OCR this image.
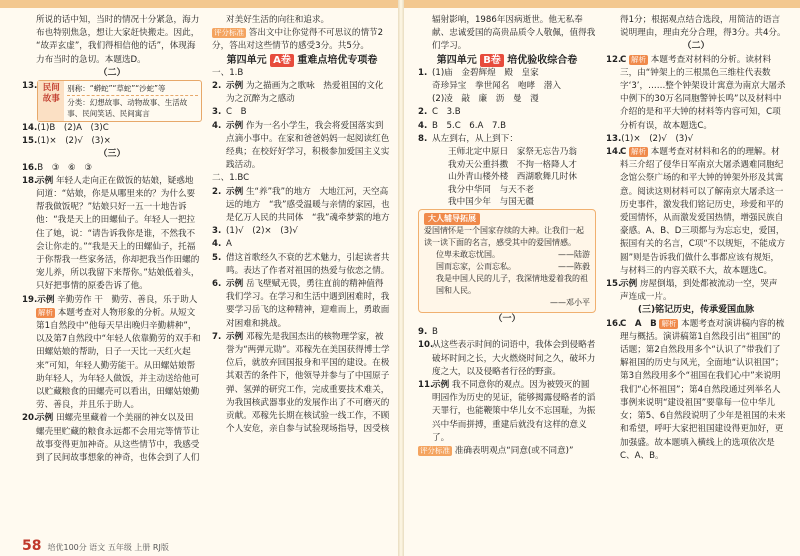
所说的话中知，当时的情况十分紧急，海力布也特别焦急，想让大家赶快搬走。因此，

“故弄玄虚”，我们得相信他的话”，体现海力布当时的急切。本题选D。

（二）

13. 民间故事
别称：“蟒蛇”“草蛇”“沙蛇”等
分类：幻想故事、动物故事、生活故事、民间笑话、民间寓言
14. (1)B　(2)A　(3)C
15. (1)×　(2)√　(3)×

（三）

16. B　③　⑥　③
18.
示例 年轻人走向正在做饭的姑娘，疑惑地问道：“姑娘，你是从哪里来的？为什么要帮我做饭呢？”姑娘只好一五一十地告诉他：“我是天上的田螺仙子。年轻人一把拉住了她，说：“请告诉我你是谁，不然我不会让你走的。”“我是天上的田螺仙子，托福于你帮我一些家务活，你却把我当作田螺的宠儿养，所以我留下来帮你。”姑娘低着头，只好把事情的原委告诉了他。
19. 示例 辛勤劳作 干　勤劳、善良，乐于助人

解析 本题考查对人物形象的分析。从短文第1自然段中“他每天早出晚归辛勤耕种”，以及第7自然段中“年轻人依靠勤劳的双手和田螺姑娘的帮助，日子一天比一天红火起来”可知，年轻人勤劳能干。从田螺姑娘帮助年轻人，为年轻人做饭，并主动送给他可以贮藏粮食的田螺壳可以看出，田螺姑娘勤劳、善良，并且乐于助人。

20.
示例 田螺壳里藏着一个美丽的神女以及田螺壳里贮藏的粮食永远都不会用完等情节让故事变得更加神奇。从这些情节中，我感受到了民间故事想象的神奇，也体会到了人们

对美好生活的向往和追求。

评分标准 答出文中让你觉得不可思议的情节2分，答出对这些情节的感受3分。共5分。

第四单元 A卷 重难点培优专项卷

一、1.B

2. 示例 为之描画为之歌咏　热爱祖国的文化为之沉醉为之感动
3. C　B
4. 示例 作为一名小学生，我会将爱国落实到点滴小事中。在家和爸爸妈妈一起阅读红色经典；在校好好学习，积极参加爱国主义实践活动。

二、1.BC

2. 示例 生“养”我”的地方　大地江河，天空高远的地方　“我”感受温暖与亲情的家园，也是亿万人民的共同体　“我”魂牵梦萦的地方
3. (1)√　(2)×　(3)√
4. A
5. 借这首歌经久不衰的艺术魅力，引起读者共鸣。表达了作者对祖国的热爱与依恋之情。
6. 示例 岳飞壁赋无畏，勇往直前的精神值得我们学习。在学习和生活中遇到困难时，我要学习岳飞的这种精神，迎难而上，勇敢面对困难和挑战。
7. 示例 邓稼先是我国杰出的核物理学家，被誉为“两弹元勋”。邓稼先在美国获得博士学位后，就放弃回国报身和平国的建设。在极其艰苦的条件下，他领导并参与了中国原子弹、氢弹的研究工作，完成重要技术难关，为我国核武器事业的发展作出了不可磨灭的贡献。邓稼先长期在核试验一线工作，不顾个人安危，亲自参与试验现场指导，因受核

辐射影响，1986年因病逝世。他无私奉献、忠诚爱国的高贵品质令人敬佩，值得我们学习。

第四单元 B卷 培优验收综合卷
1. (1)庙　金碧辉煌　殿　皇家

奇珍异宝　拳世闻名　咆哮　潜入

(2)凌　敲　廉　沥　曼　漫

2. C　3.B
4. B　5.C　6.A　7.B
8. 从左到右，从上到下：

王师北定中原日　家祭无忘告乃翁

我劝天公重抖擞　不拘一格降人才

山外青山楼外楼　西湖歌舞几时休

我分中华同　与天不老

我中国少年　与国无疆

大人辅导拓展

爱国情怀是一个国家存续的大神。让我们一起读一读下面的名言，感受其中的爱国情感。

位卑未敢忘忧国。	——陆游

国而忘家，公而忘私。	——陈毅

我是中国人民的儿子，我深情地爱着我的祖国和人民。

——邓小平

（一）

9. B
10.
从这些表示时间的词语中，我体会到侵略者破坏时间之长，大火燃烧时间之久，破坏力度之大，以及侵略者行径的野蛮。
11.
示例 我不同意你的观点。因为被毁灭的圆明园作为历史的见证，能够揭露侵略者的滔天罪行，也能鞭策中华儿女不忘国耻，为振兴中华而拼搏，重建后就没有这样的意义了。

评分标准 准确表明观点“同意(或不同意)”

得1分；根据观点结合选段，用简洁的语言说明理由，理由充分合理，得3分。共4分。

（二）

12.
C 解析 本题考查对材料的分析。读材料三，由“钟架上的三根黑色三维柱代表数字‘3’，……整个钟架设计寓意为南京大屠杀中例下的30万名同胞警钟长鸣”以及材料中介绍的是和平大钟的材料等内容可知，C项分析有误，故本题选C。
13. (1)×　(2)√　(3)√
14.
C 解析 本题考查对材料和名的的理解。材料三介绍了侵华日军南京大屠杀遇难同胞纪念馆公祭广场的和平大钟的钟架外形及其寓意。阅读这则材料可以了解南京大屠杀这一历史事件，激发我们铭记历史，珍爱和平的爱国情怀，从而激发爱国热情，增强民族自豪感。A、B、D三项都与为忘忘史，爱国，振国有关的名言，C项“不以规矩，不能成方圆”则是告诉我们做什么事都应该有规矩，与材料三的内容关联不大，故本题选C。
15.
示例 房屋倒塌，到处都被流动一空，哭声声连成一片。

(三)铭记历史，传承爱国血脉

16.
C　A　B 解析 本题考查对演讲稿内容的梳理与概括。演讲稿第1自然段引出“祖国”的话题；第2自然段用多个“认识了”带我们了解祖国的历史与风光，全面地“认识祖国”；第3自然段用多个“祖国在我们心中”来说明我们“心怀祖国”；第4自然段通过列举名人事例来说明“建设祖国”要靠每一位中华儿女；第5、6自然段说明了少年是祖国的未来和希望，呼吁大家把祖国建设得更加好，更加强盛。故本题填入横线上的选项依次是C、A、B。
58 培优100分 语文 五年级 上册 RJ版
